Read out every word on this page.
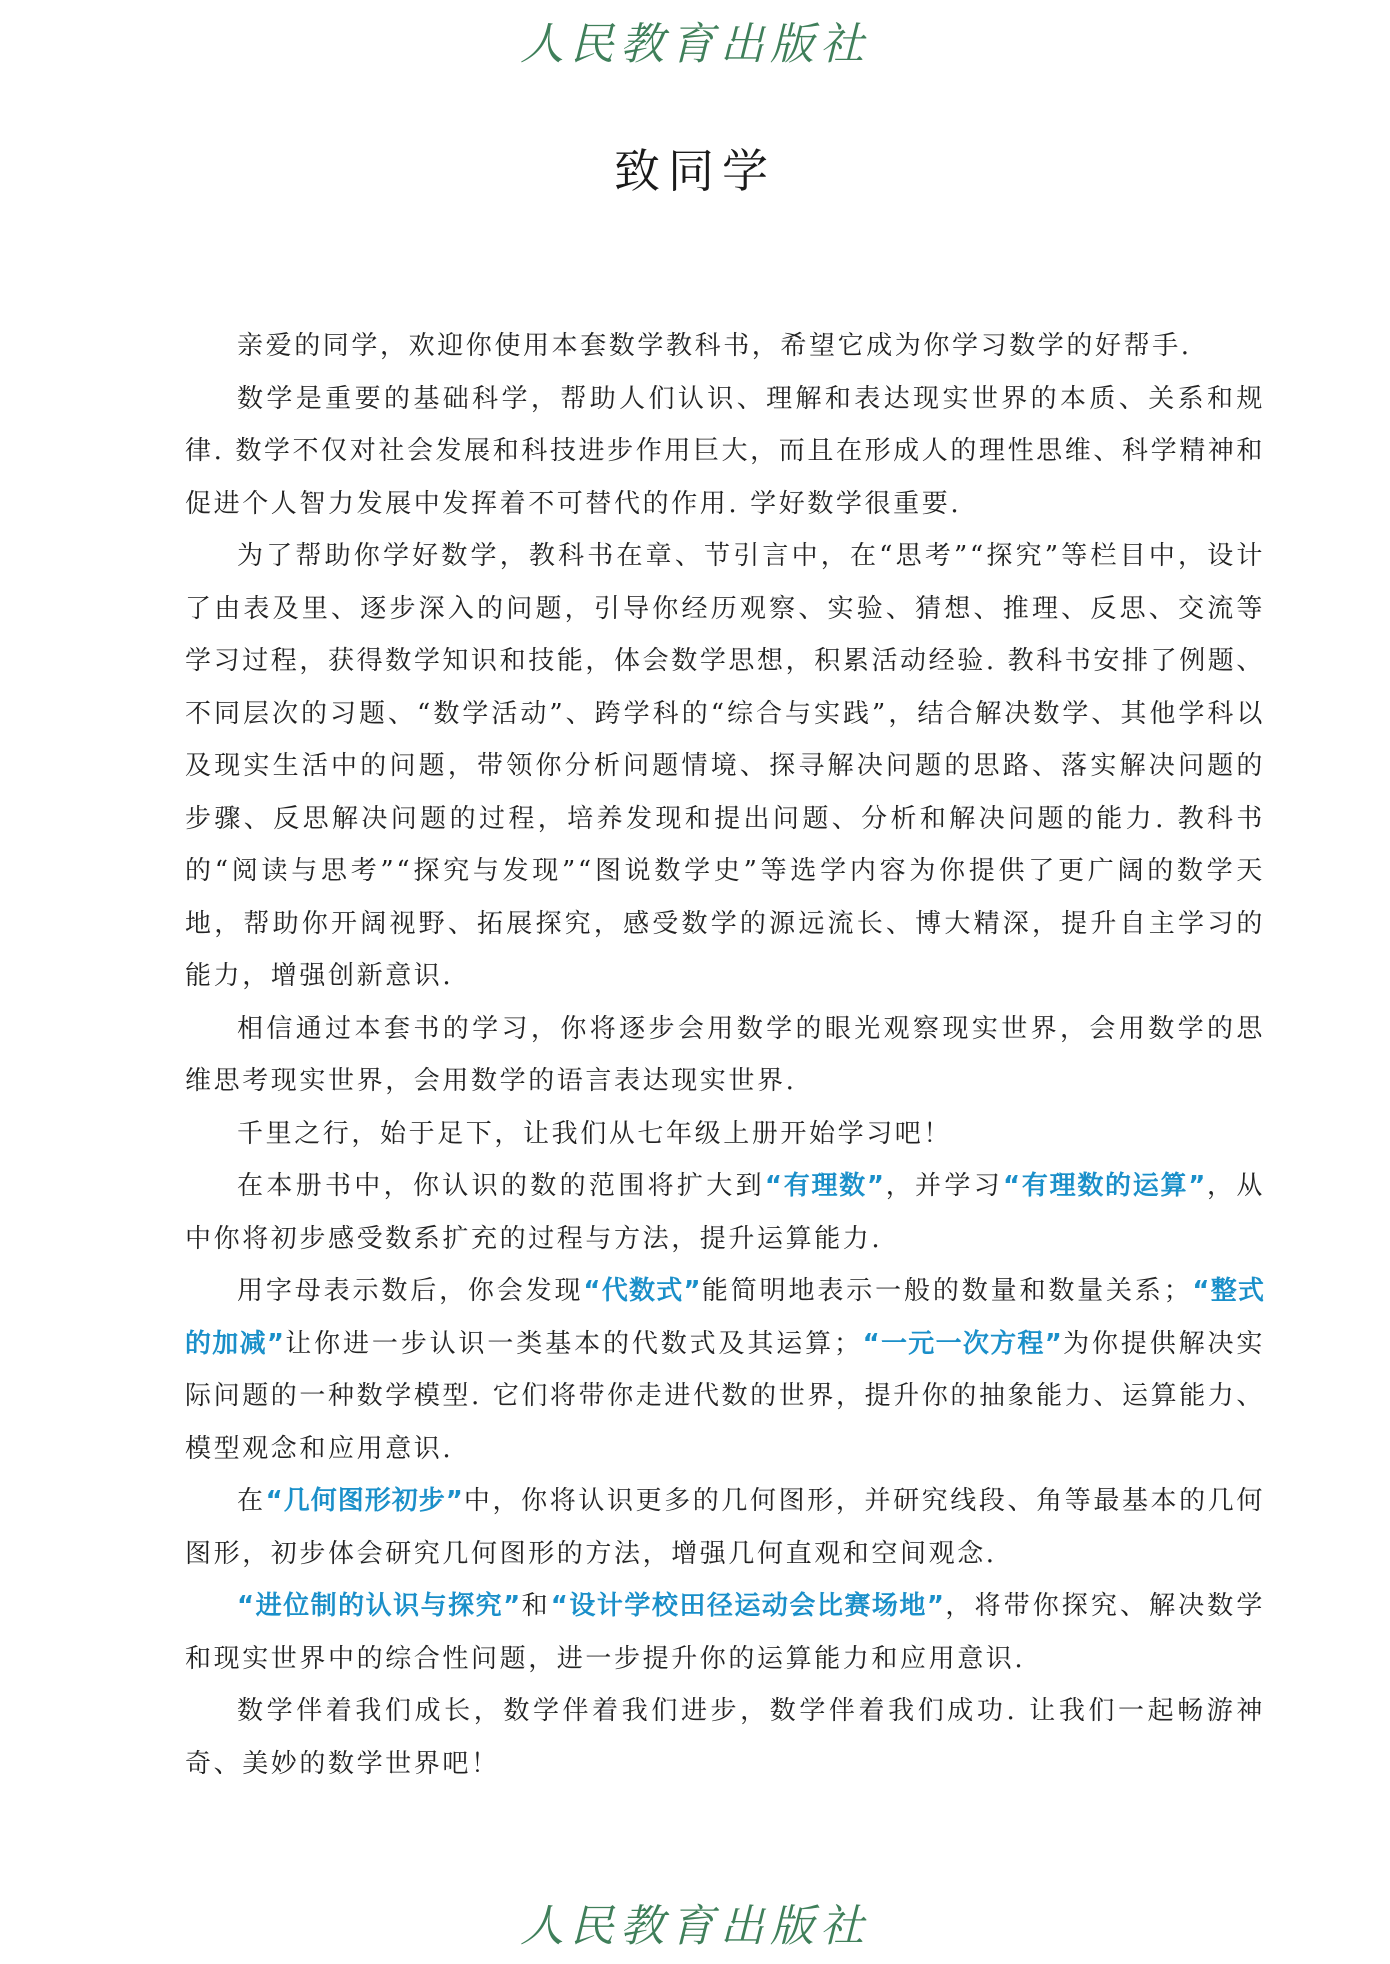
人民教育出版社
致同学

亲爱的同学，欢迎你使用本套数学教科书，希望它成为你学习数学的好帮手.

数学是重要的基础科学，帮助人们认识、理解和表达现实世界的本质、关系和规律. 数学不仅对社会发展和科技进步作用巨大，而且在形成人的理性思维、科学精神和促进个人智力发展中发挥着不可替代的作用. 学好数学很重要.

为了帮助你学好数学，教科书在章、节引言中，在“思考”“探究”等栏目中，设计了由表及里、逐步深入的问题，引导你经历观察、实验、猜想、推理、反思、交流等学习过程，获得数学知识和技能，体会数学思想，积累活动经验. 教科书安排了例题、不同层次的习题、“数学活动”、跨学科的“综合与实践”，结合解决数学、其他学科以及现实生活中的问题，带领你分析问题情境、探寻解决问题的思路、落实解决问题的步骤、反思解决问题的过程，培养发现和提出问题、分析和解决问题的能力. 教科书的“阅读与思考”“探究与发现”“图说数学史”等选学内容为你提供了更广阔的数学天地，帮助你开阔视野、拓展探究，感受数学的源远流长、博大精深，提升自主学习的能力，增强创新意识.

相信通过本套书的学习，你将逐步会用数学的眼光观察现实世界，会用数学的思维思考现实世界，会用数学的语言表达现实世界.

千里之行，始于足下，让我们从七年级上册开始学习吧！

在本册书中，你认识的数的范围将扩大到“有理数”，并学习“有理数的运算”，从中你将初步感受数系扩充的过程与方法，提升运算能力.

用字母表示数后，你会发现“代数式”能简明地表示一般的数量和数量关系；“整式的加减”让你进一步认识一类基本的代数式及其运算；“一元一次方程”为你提供解决实际问题的一种数学模型. 它们将带你走进代数的世界，提升你的抽象能力、运算能力、模型观念和应用意识.

在“几何图形初步”中，你将认识更多的几何图形，并研究线段、角等最基本的几何图形，初步体会研究几何图形的方法，增强几何直观和空间观念.

“进位制的认识与探究”和“设计学校田径运动会比赛场地”，将带你探究、解决数学和现实世界中的综合性问题，进一步提升你的运算能力和应用意识.

数学伴着我们成长，数学伴着我们进步，数学伴着我们成功. 让我们一起畅游神奇、美妙的数学世界吧！

人民教育出版社
